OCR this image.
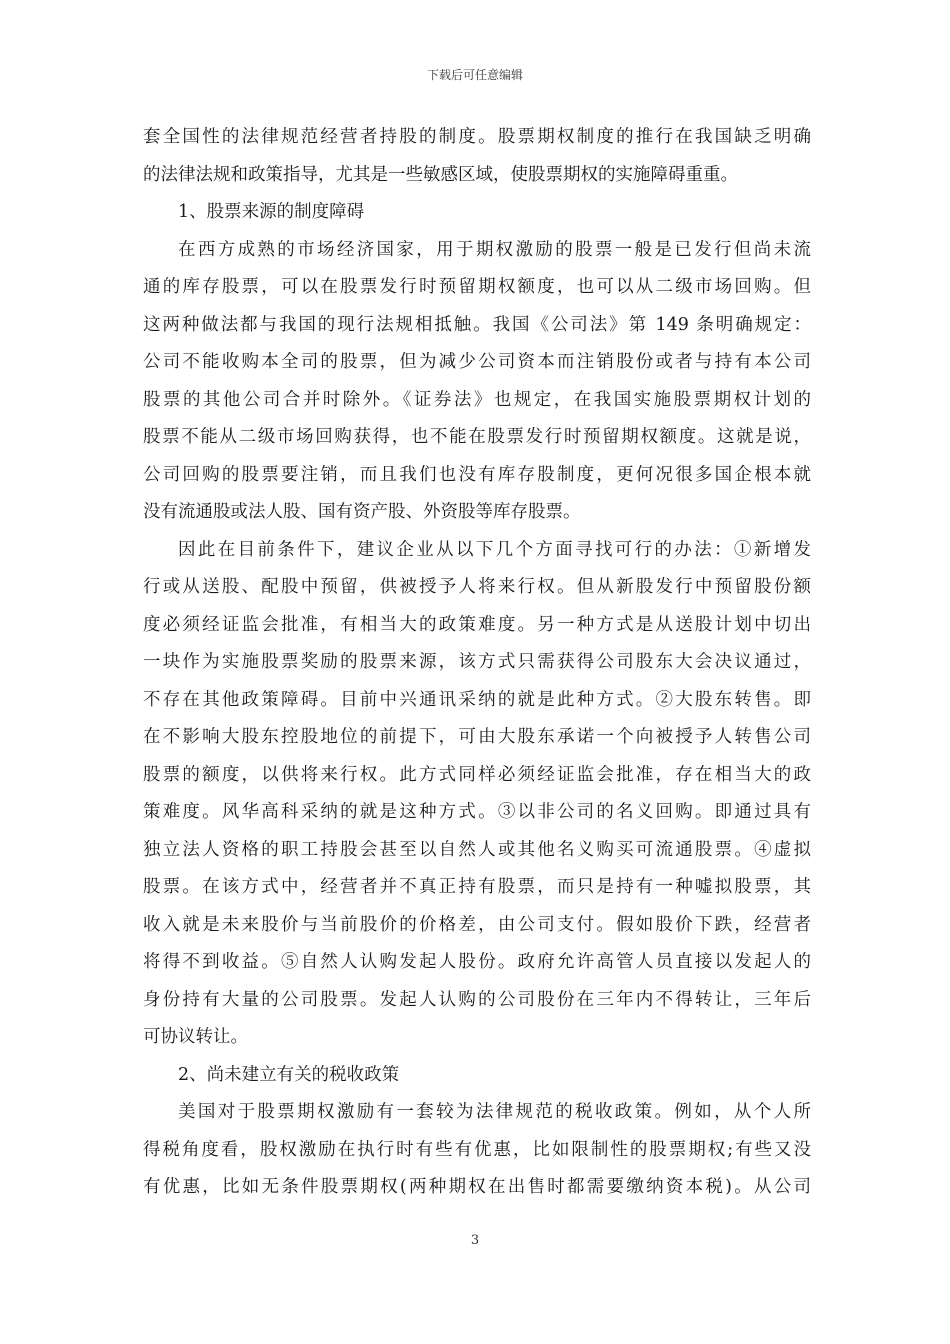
下载后可任意编辑
套全国性的法律规范经营者持股的制度。股票期权制度的推行在我国缺乏明确
的法律法规和政策指导，尤其是一些敏感区域，使股票期权的实施障碍重重。
1、股票来源的制度障碍
在西方成熟的市场经济国家，用于期权激励的股票一般是已发行但尚未流
通的库存股票，可以在股票发行时预留期权额度，也可以从二级市场回购。但
这两种做法都与我国的现行法规相抵触。我国《公司法》第 149 条明确规定：
公司不能收购本全司的股票，但为减少公司资本而注销股份或者与持有本公司
股票的其他公司合并时除外。《证券法》也规定，在我国实施股票期权计划的
股票不能从二级市场回购获得，也不能在股票发行时预留期权额度。这就是说，
公司回购的股票要注销，而且我们也没有库存股制度，更何况很多国企根本就
没有流通股或法人股、国有资产股、外资股等库存股票。
因此在目前条件下，建议企业从以下几个方面寻找可行的办法：①新增发
行或从送股、配股中预留，供被授予人将来行权。但从新股发行中预留股份额
度必须经证监会批准，有相当大的政策难度。另一种方式是从送股计划中切出
一块作为实施股票奖励的股票来源，该方式只需获得公司股东大会决议通过，
不存在其他政策障碍。目前中兴通讯采纳的就是此种方式。②大股东转售。即
在不影响大股东控股地位的前提下，可由大股东承诺一个向被授予人转售公司
股票的额度，以供将来行权。此方式同样必须经证监会批准，存在相当大的政
策难度。风华高科采纳的就是这种方式。③以非公司的名义回购。即通过具有
独立法人资格的职工持股会甚至以自然人或其他名义购买可流通股票。④虚拟
股票。在该方式中，经营者并不真正持有股票，而只是持有一种嘘拟股票，其
收入就是未来股价与当前股价的价格差，由公司支付。假如股价下跌，经营者
将得不到收益。⑤自然人认购发起人股份。政府允许高管人员直接以发起人的
身份持有大量的公司股票。发起人认购的公司股份在三年内不得转让，三年后
可协议转让。
2、尚未建立有关的税收政策
美国对于股票期权激励有一套较为法律规范的税收政策。例如，从个人所
得税角度看，股权激励在执行时有些有优惠，比如限制性的股票期权;有些又没
有优惠，比如无条件股票期权(两种期权在出售时都需要缴纳资本税)。从公司
3
